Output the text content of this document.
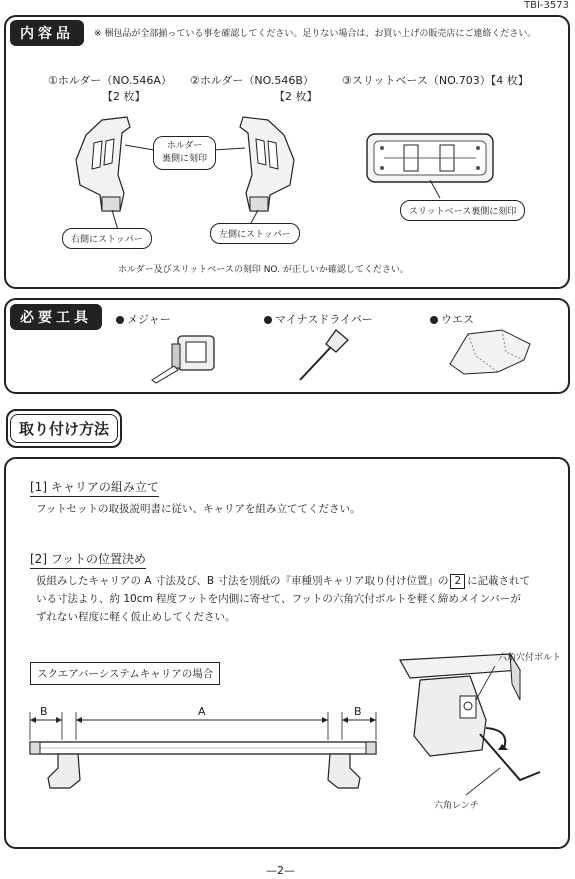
TBI-3573
内容品	※ 梱包品が全部揃っている事を確認してください。足りない場合は、お買い上げの販売店にご連絡ください。
①ホルダー（NO.546A）
【2 枚】
②ホルダー（NO.546B）
【2 枚】
③スリットベース（NO.703）【4 枚】
ホルダー
裏側に刻印
右側にストッパー	左側にストッパー
スリットベース裏側に刻印
ホルダー及びスリットベースの刻印 NO. が正しいか確認してください。
必要工具	メジャー	マイナスドライバー	ウエス
取り付け方法
[1] キャリアの組み立て
フットセットの取扱説明書に従い、キャリアを組み立ててください。
[2] フットの位置決め
仮組みしたキャリアの A 寸法及び、B 寸法を別紙の『車種別キャリア取り付け位置』の 2 に記載されて
いる寸法より、約 10cm 程度フットを内側に寄せて、フットの六角穴付ボルトを軽く締めメインバーが
ずれない程度に軽く仮止めしてください。
スクエアバーシステムキャリアの場合
B	A	B
六角穴付ボルト
六角レンチ
—2—
